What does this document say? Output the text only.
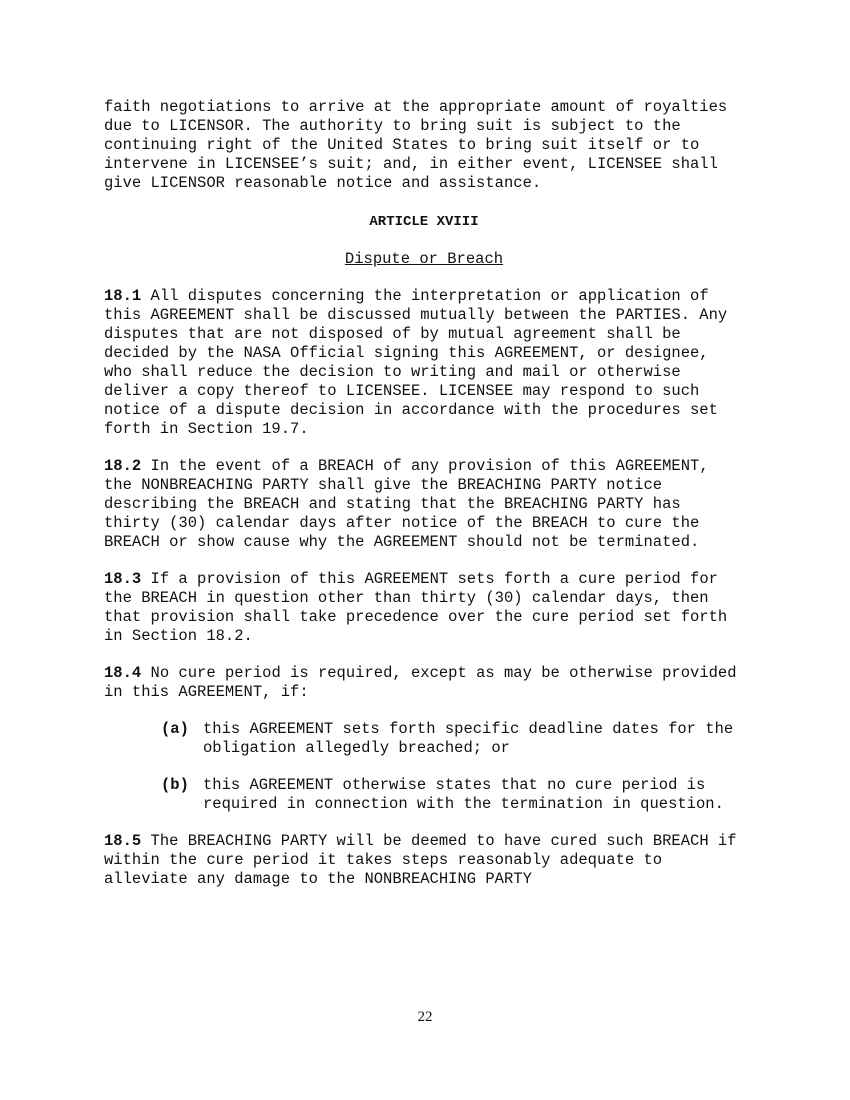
faith negotiations to arrive at the appropriate amount of royalties due to LICENSOR. The authority to bring suit is subject to the continuing right of the United States to bring suit itself or to intervene in LICENSEE’s suit; and, in either event, LICENSEE shall give LICENSOR reasonable notice and assistance.

ARTICLE XVIII

Dispute or Breach

18.1 All disputes concerning the interpretation or application of this AGREEMENT shall be discussed mutually between the PARTIES. Any disputes that are not disposed of by mutual agreement shall be decided by the NASA Official signing this AGREEMENT, or designee, who shall reduce the decision to writing and mail or otherwise deliver a copy thereof to LICENSEE. LICENSEE may respond to such notice of a dispute decision in accordance with the procedures set forth in Section 19.7.

18.2 In the event of a BREACH of any provision of this AGREEMENT, the NONBREACHING PARTY shall give the BREACHING PARTY notice describing the BREACH and stating that the BREACHING PARTY has thirty (30) calendar days after notice of the BREACH to cure the BREACH or show cause why the AGREEMENT should not be terminated.

18.3 If a provision of this AGREEMENT sets forth a cure period for the BREACH in question other than thirty (30) calendar days, then that provision shall take precedence over the cure period set forth in Section 18.2.

18.4 No cure period is required, except as may be otherwise provided in this AGREEMENT, if:

(a) this AGREEMENT sets forth specific deadline dates for the obligation allegedly breached; or
(b) this AGREEMENT otherwise states that no cure period is required in connection with the termination in question.

18.5 The BREACHING PARTY will be deemed to have cured such BREACH if within the cure period it takes steps reasonably adequate to alleviate any damage to the NONBREACHING PARTY

22
